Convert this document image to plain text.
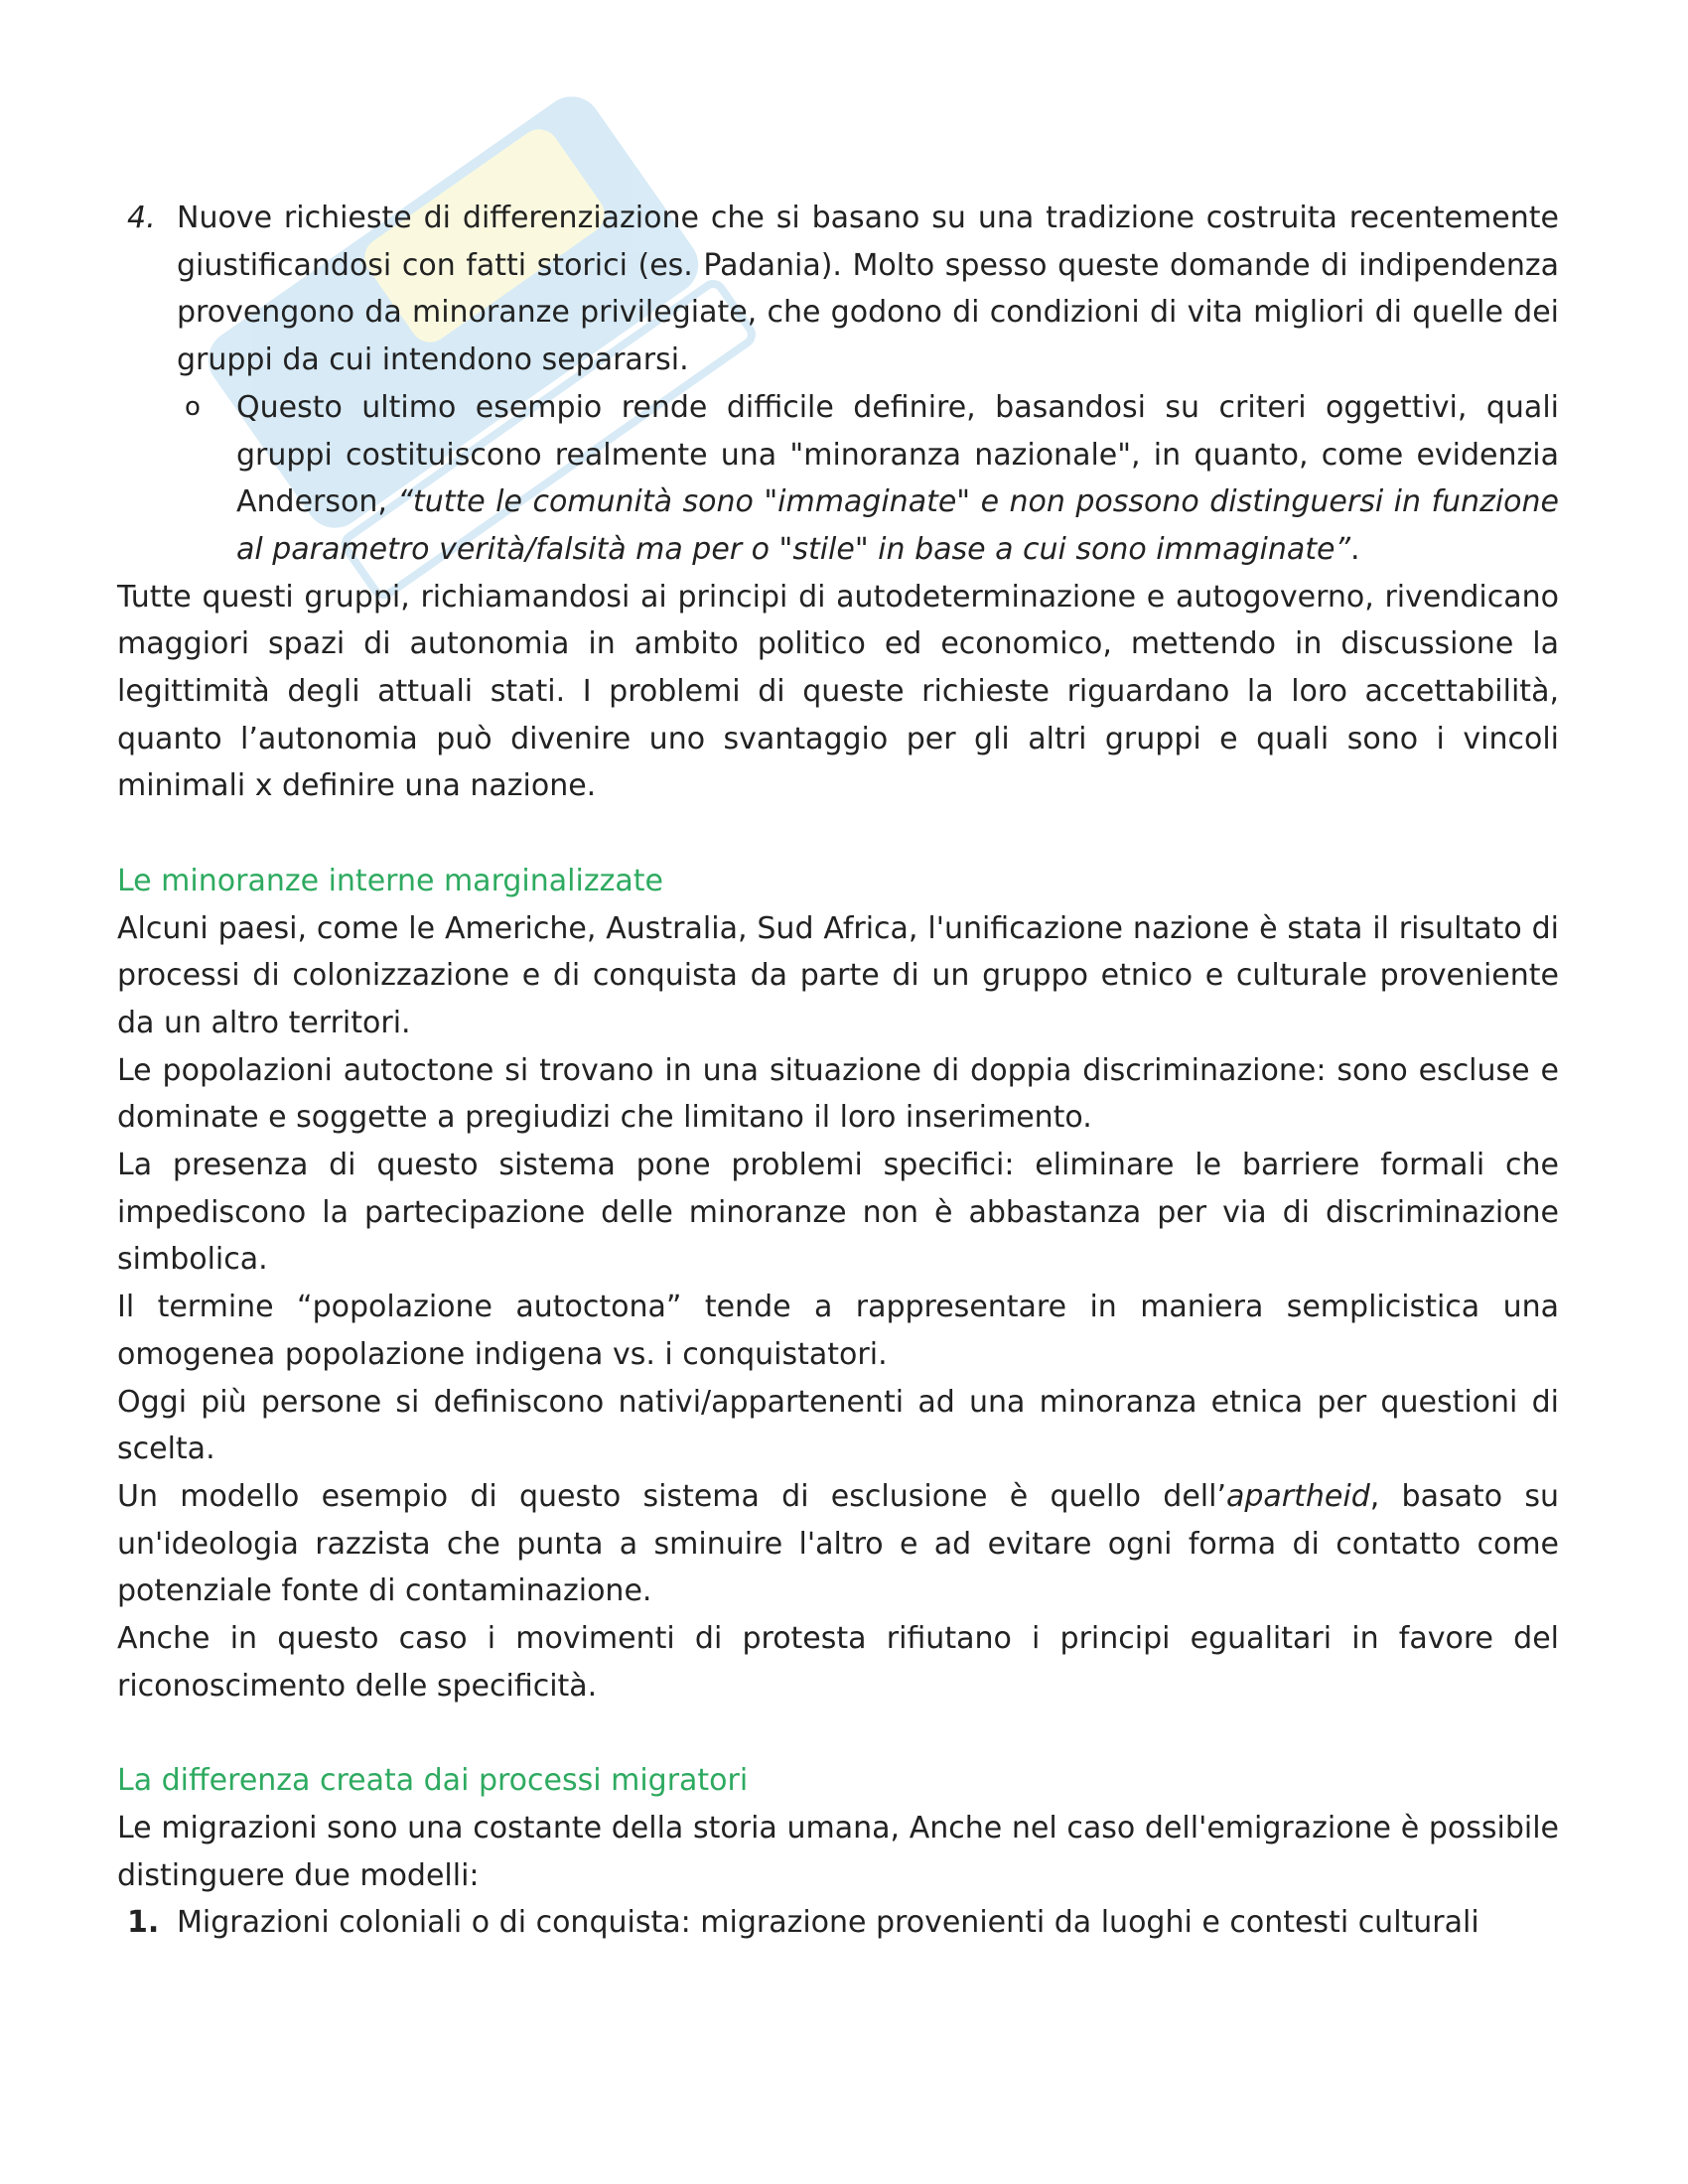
4. Nuove richieste di differenziazione che si basano su una tradizione costruita recentemente giustificandosi con fatti storici (es. Padania). Molto spesso queste domande di indipendenza provengono da minoranze privilegiate, che godono di condizioni di vita migliori di quelle dei gruppi da cui intendono separarsi.
o Questo ultimo esempio rende difficile definire, basandosi su criteri oggettivi, quali gruppi costituiscono realmente una "minoranza nazionale", in quanto, come evidenzia Anderson, “tutte le comunità sono "immaginate" e non possono distinguersi in funzione al parametro verità/falsità ma per o "stile" in base a cui sono immaginate”.

Tutte questi gruppi, richiamandosi ai principi di autodeterminazione e autogoverno, rivendicano maggiori spazi di autonomia in ambito politico ed economico, mettendo in discussione la legittimità degli attuali stati. I problemi di queste richieste riguardano la loro accettabilità, quanto l’autonomia può divenire uno svantaggio per gli altri gruppi e quali sono i vincoli minimali x definire una nazione.

Le minoranze interne marginalizzate

Alcuni paesi, come le Americhe, Australia, Sud Africa, l'unificazione nazione è stata il risultato di processi di colonizzazione e di conquista da parte di un gruppo etnico e culturale proveniente da un altro territori.

Le popolazioni autoctone si trovano in una situazione di doppia discriminazione: sono escluse e dominate e soggette a pregiudizi che limitano il loro inserimento.

La presenza di questo sistema pone problemi specifici: eliminare le barriere formali che impediscono la partecipazione delle minoranze non è abbastanza per via di discriminazione simbolica.

Il termine “popolazione autoctona” tende a rappresentare in maniera semplicistica una omogenea popolazione indigena vs. i conquistatori.

Oggi più persone si definiscono nativi/appartenenti ad una minoranza etnica per questioni di scelta.

Un modello esempio di questo sistema di esclusione è quello dell’apartheid, basato su un'ideologia razzista che punta a sminuire l'altro e ad evitare ogni forma di contatto come potenziale fonte di contaminazione.

Anche in questo caso i movimenti di protesta rifiutano i principi egualitari in favore del riconoscimento delle specificità.

La differenza creata dai processi migratori

Le migrazioni sono una costante della storia umana, Anche nel caso dell'emigrazione è possibile distinguere due modelli:

1. Migrazioni coloniali o di conquista: migrazione provenienti da luoghi e contesti culturali
